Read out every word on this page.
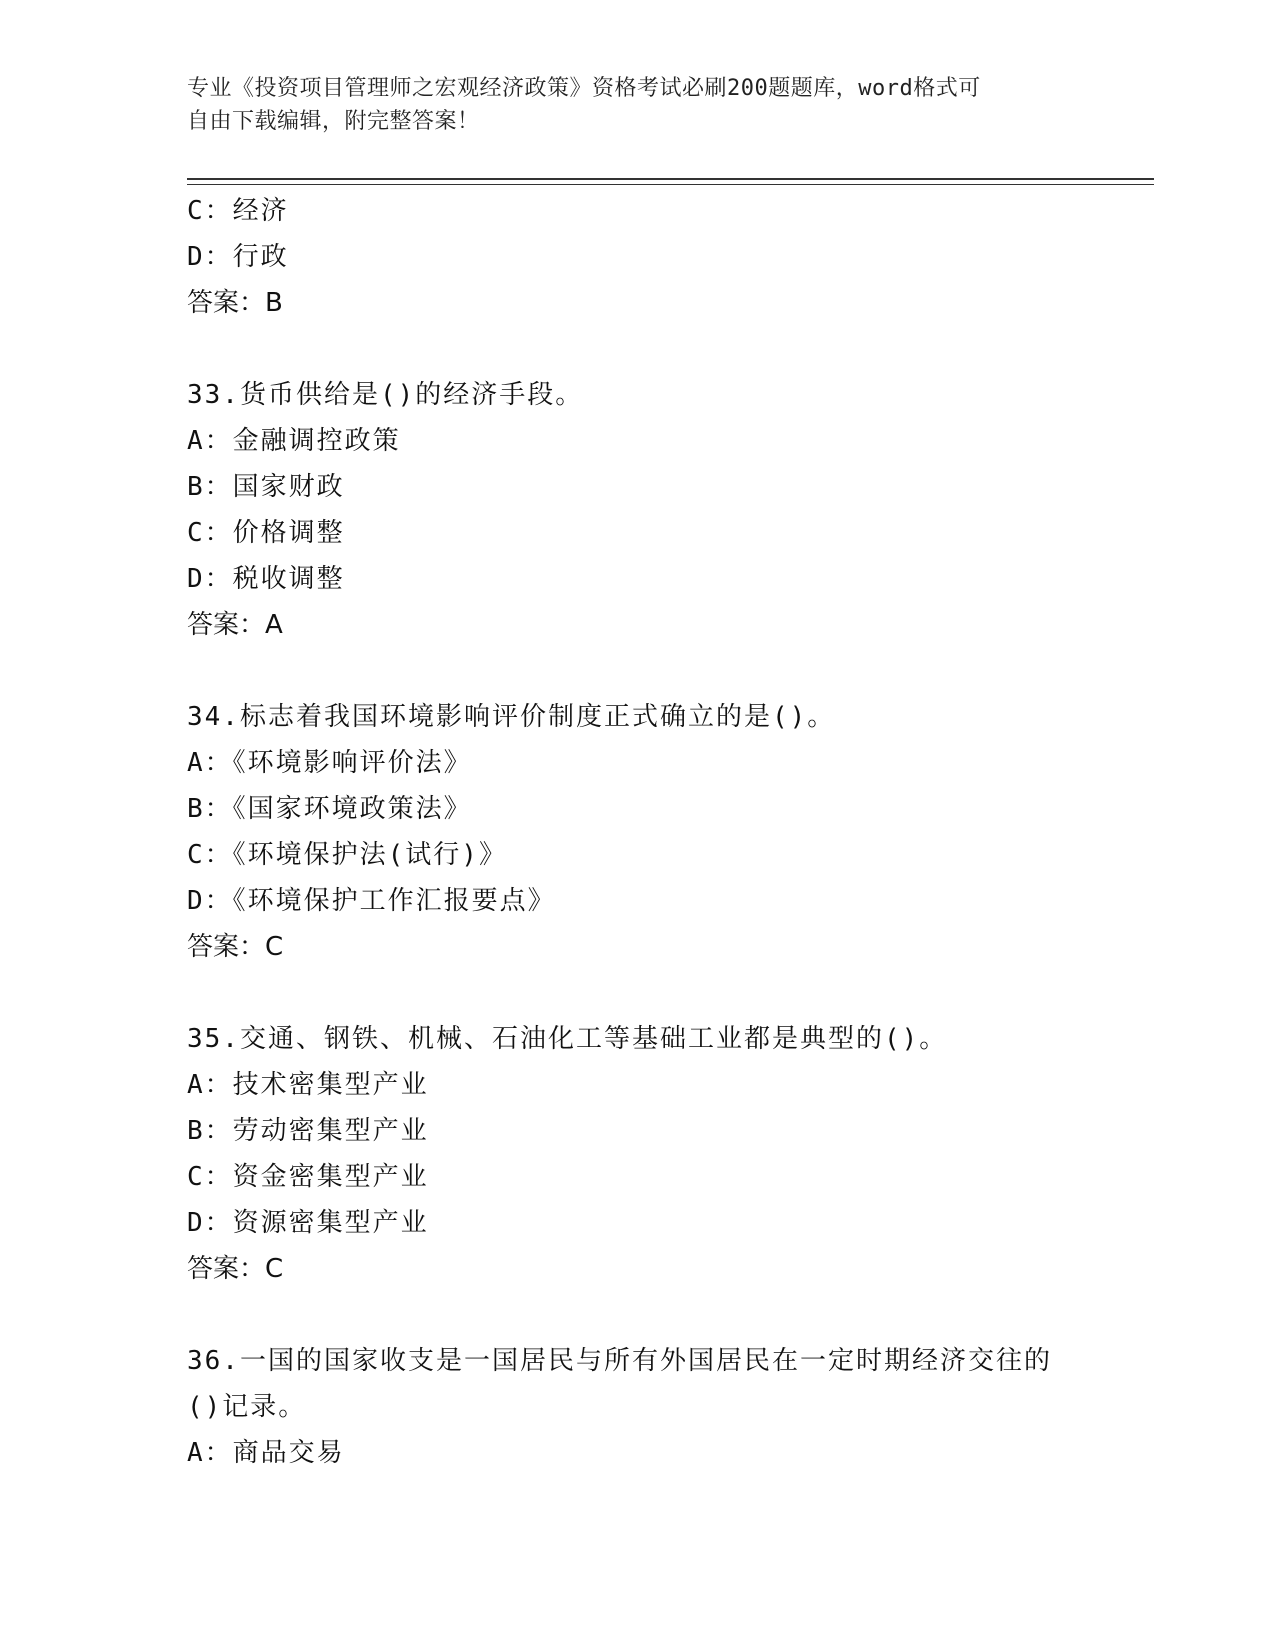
专业《投资项目管理师之宏观经济政策》资格考试必刷200题题库，word格式可
自由下载编辑，附完整答案！
C：经济
D：行政
答案：B
33.货币供给是()的经济手段。
A：金融调控政策
B：国家财政
C：价格调整
D：税收调整
答案：A
34.标志着我国环境影响评价制度正式确立的是()。
A：《环境影响评价法》
B：《国家环境政策法》
C：《环境保护法(试行)》
D：《环境保护工作汇报要点》
答案：C
35.交通、钢铁、机械、石油化工等基础工业都是典型的()。
A：技术密集型产业
B：劳动密集型产业
C：资金密集型产业
D：资源密集型产业
答案：C
36.一国的国家收支是一国居民与所有外国居民在一定时期经济交往的
()记录。
A：商品交易
